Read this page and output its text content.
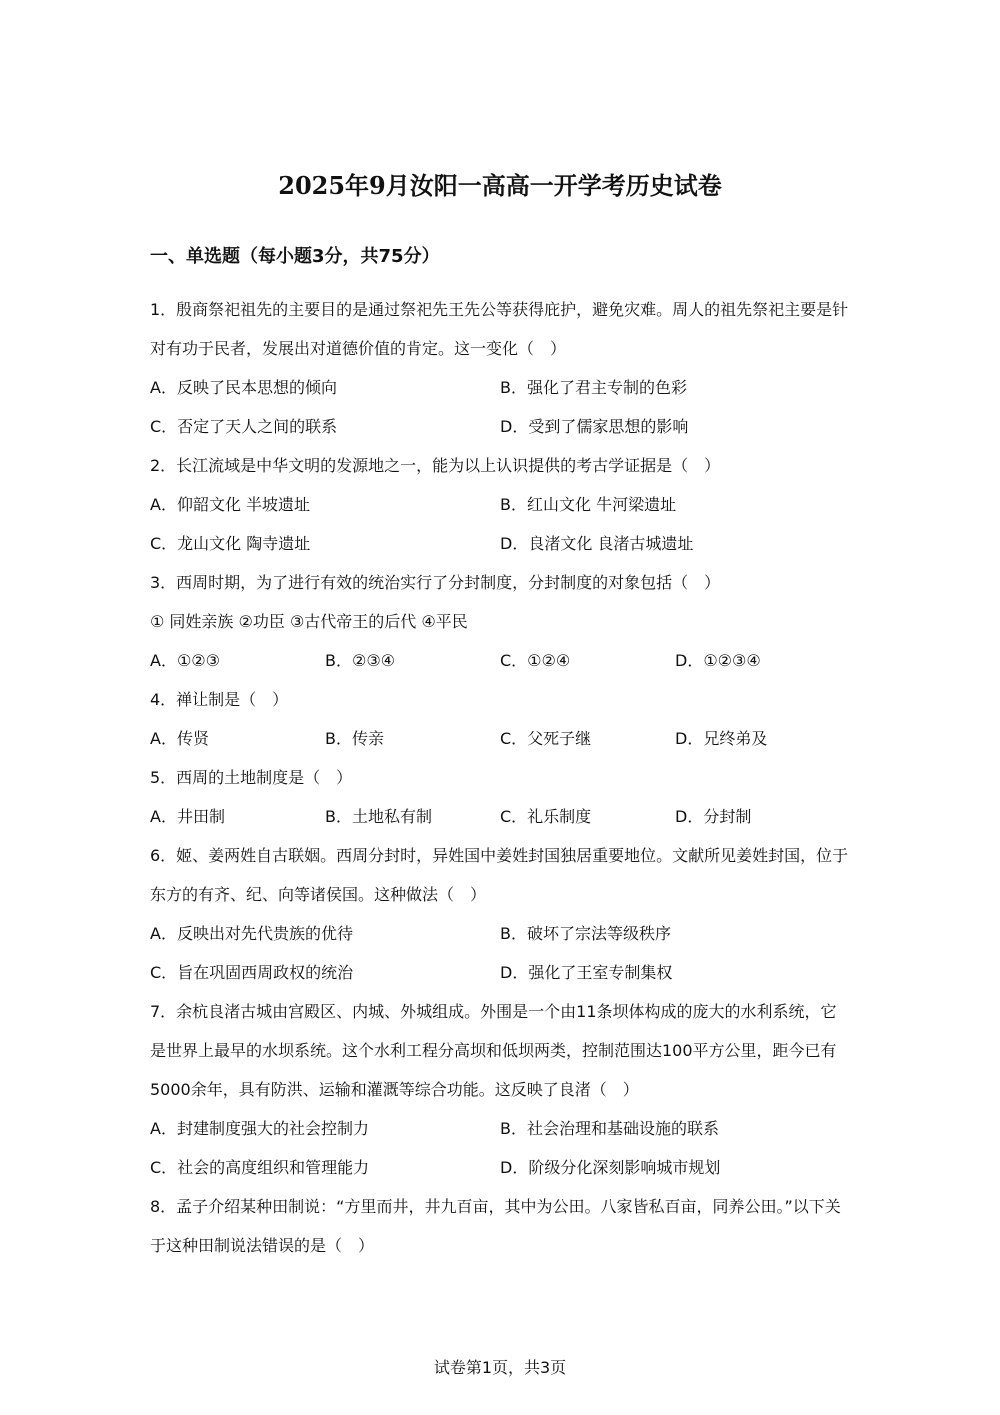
2025年9月汝阳一高高一开学考历史试卷
一、单选题（每小题3分，共75分）

1．殷商祭祀祖先的主要目的是通过祭祀先王先公等获得庇护，避免灾难。周人的祖先祭祀主要是针对有功于民者，发展出对道德价值的肯定。这一变化（　）

A．反映了民本思想的倾向	B．强化了君主专制的色彩
C．否定了天人之间的联系	D．受到了儒家思想的影响

2．长江流域是中华文明的发源地之一，能为以上认识提供的考古学证据是（　）

A．仰韶文化 半坡遗址	B．红山文化 牛河梁遗址
C．龙山文化 陶寺遗址	D．良渚文化 良渚古城遗址

3．西周时期，为了进行有效的统治实行了分封制度，分封制度的对象包括（　）

① 同姓亲族 ②功臣 ③古代帝王的后代 ④平民

A．①②③	B．②③④	C．①②④	D．①②③④

4．禅让制是（　）

A．传贤	B．传亲	C．父死子继	D．兄终弟及

5．西周的土地制度是（　）

A．井田制	B．土地私有制	C．礼乐制度	D．分封制

6．姬、姜两姓自古联姻。西周分封时，异姓国中姜姓封国独居重要地位。文献所见姜姓封国，位于东方的有齐、纪、向等诸侯国。这种做法（　）

A．反映出对先代贵族的优待	B．破坏了宗法等级秩序
C．旨在巩固西周政权的统治	D．强化了王室专制集权

7．余杭良渚古城由宫殿区、内城、外城组成。外围是一个由11条坝体构成的庞大的水利系统，它是世界上最早的水坝系统。这个水利工程分高坝和低坝两类，控制范围达100平方公里，距今已有5000余年，具有防洪、运输和灌溉等综合功能。这反映了良渚（　）

A．封建制度强大的社会控制力	B．社会治理和基础设施的联系
C．社会的高度组织和管理能力	D．阶级分化深刻影响城市规划

8．孟子介绍某种田制说：“方里而井，井九百亩，其中为公田。八家皆私百亩，同养公田。”以下关于这种田制说法错误的是（　）

试卷第1页，共3页
